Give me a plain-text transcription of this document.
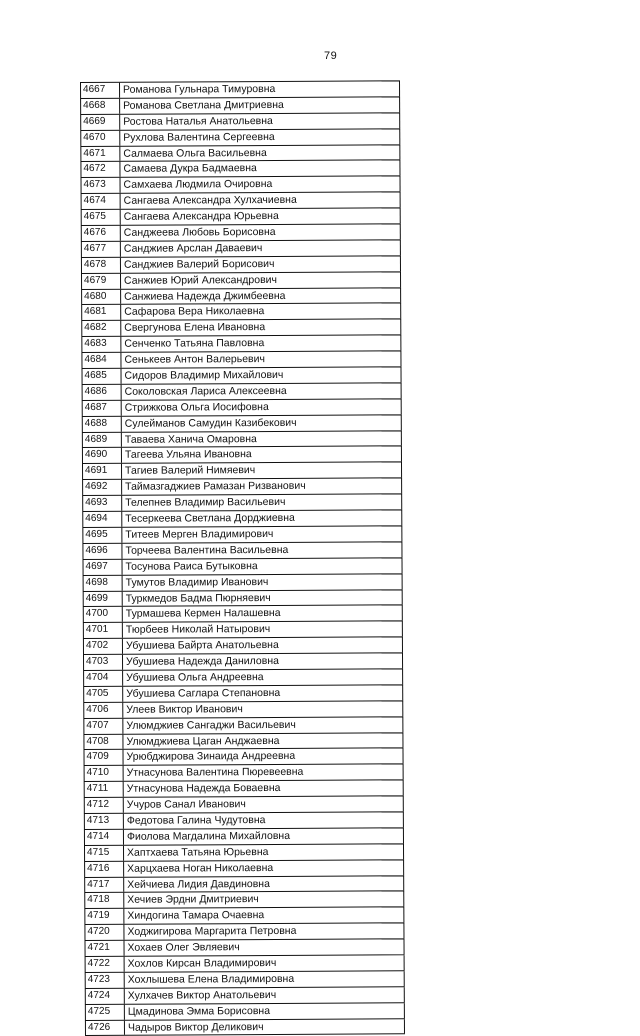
79
4667	Романова Гульнара Тимуровна
4668	Романова Светлана Дмитриевна
4669	Ростова Наталья Анатольевна
4670	Рухлова Валентина Сергеевна
4671	Салмаева Ольга Васильевна
4672	Самаева Дукра Бадмаевна
4673	Самхаева Людмила Очировна
4674	Сангаева Александра Хулхачиевна
4675	Сангаева Александра Юрьевна
4676	Санджеева Любовь Борисовна
4677	Санджиев Арслан Даваевич
4678	Санджиев Валерий Борисович
4679	Санжиев Юрий Александрович
4680	Санжиева Надежда Джимбеевна
4681	Сафарова Вера Николаевна
4682	Свергунова Елена Ивановна
4683	Сенченко Татьяна Павловна
4684	Сенькеев Антон Валерьевич
4685	Сидоров Владимир Михайлович
4686	Соколовская Лариса Алексеевна
4687	Стрижкова Ольга Иосифовна
4688	Сулейманов Самудин Казибекович
4689	Таваева Ханича Омаровна
4690	Тагеева Ульяна Ивановна
4691	Тагиев Валерий Нимяевич
4692	Таймазгаджиев Рамазан Ризванович
4693	Телепнев Владимир Васильевич
4694	Тесеркеева Светлана Дорджиевна
4695	Титеев Мерген Владимирович
4696	Торчеева Валентина Васильевна
4697	Тосунова Раиса Бутыковна
4698	Тумутов Владимир Иванович
4699	Туркмедов Бадма Пюрняевич
4700	Турмашева Кермен Налашевна
4701	Тюрбеев Николай Натырович
4702	Убушиева Байрта Анатольевна
4703	Убушиева Надежда Даниловна
4704	Убушиева Ольга Андреевна
4705	Убушиева Саглара Степановна
4706	Улеев Виктор Иванович
4707	Улюмджиев Сангаджи Васильевич
4708	Улюмджиева Цаган Анджаевна
4709	Урюбджирова Зинаида Андреевна
4710	Утнасунова Валентина Пюревеевна
4711	Утнасунова Надежда Боваевна
4712	Учуров Санал Иванович
4713	Федотова Галина Чудутовна
4714	Фиолова Магдалина Михайловна
4715	Хаптхаева Татьяна Юрьевна
4716	Харцхаева Ноган Николаевна
4717	Хейчиева Лидия Давдиновна
4718	Хечиев Эрдни Дмитриевич
4719	Хиндогина Тамара Очаевна
4720	Ходжигирова Маргарита Петровна
4721	Хохаев Олег Эвляевич
4722	Хохлов Кирсан Владимирович
4723	Хохлышева Елена Владимировна
4724	Хулхачев Виктор Анатольевич
4725	Цмадинова Эмма Борисовна
4726	Чадыров Виктор Деликович
